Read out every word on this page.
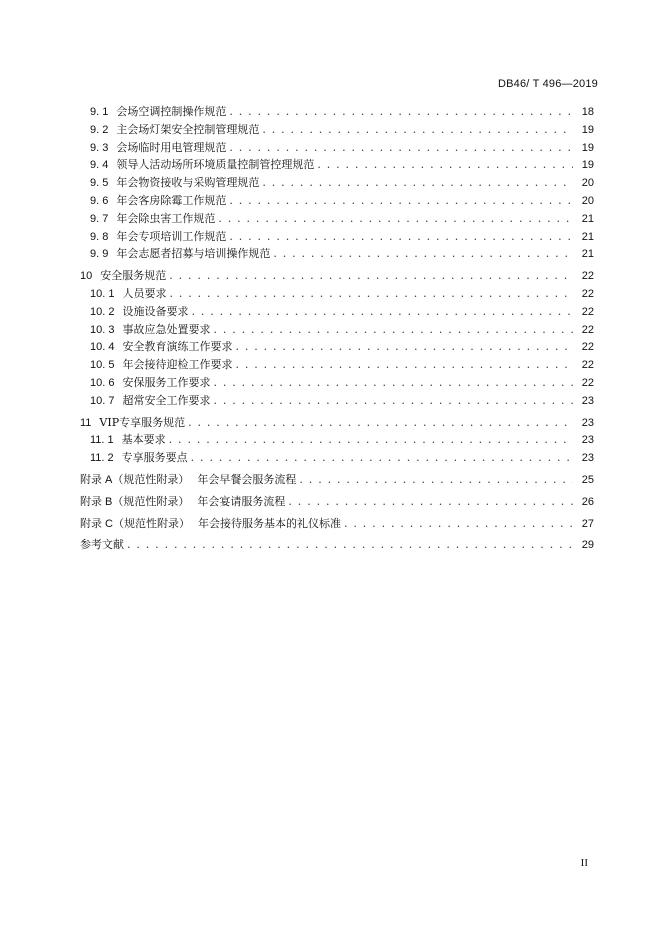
DB46/ T 496—2019
9. 1 会场空调控制操作规范 . . .	18
9. 2 主会场灯架安全控制管理规范 . . .	19
9. 3 会场临时用电管理规范 . . .	19
9. 4 领导人活动场所环境质量控制管控理规范 . . .	19
9. 5 年会物资接收与采购管理规范 . . .	20
9. 6 年会客房除霉工作规范 . . .	20
9. 7 年会除虫害工作规范 . . .	21
9. 8 年会专项培训工作规范 . . .	21
9. 9 年会志愿者招募与培训操作规范 . . .	21
10 安全服务规范 . . .	22
10. 1 人员要求 . . .	22
10. 2 设施设备要求 . . .	22
10. 3 事故应急处置要求 . . .	22
10. 4 安全教育演练工作要求 . . .	22
10. 5 年会接待迎检工作要求 . . .	22
10. 6 安保服务工作要求 . . .	22
10. 7 超常安全工作要求 . . .	23
11 VIP专享服务规范 . . .	23
11. 1 基本要求 . . .	23
11. 2 专享服务要点 . . .	23
附录 A（规范性附录） 年会早餐会服务流程 . . .	25
附录 B（规范性附录） 年会宴请服务流程 . . .	26
附录 C（规范性附录） 年会接待服务基本的礼仪标准 . . .	27
参考文献 . . .	29
II
